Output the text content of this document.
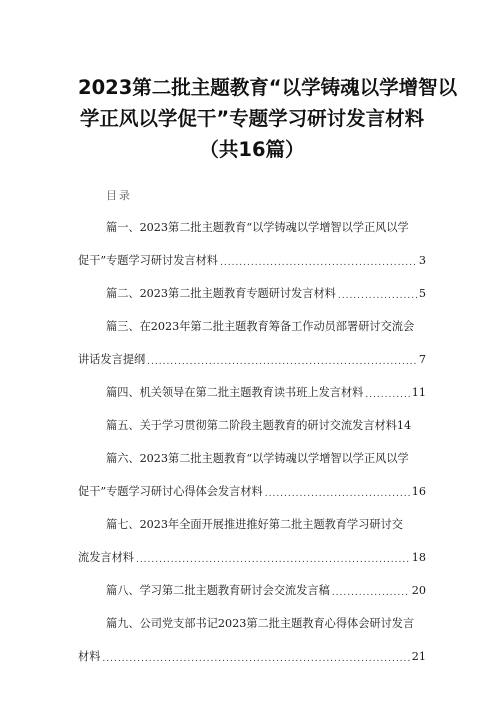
2023第二批主题教育“以学铸魂以学增智以
学正风以学促干”专题学习研讨发言材料
（共16篇）
目录
篇一、2023第二批主题教育“以学铸魂以学增智以学正风以学
促干”专题学习研讨发言材料 .....	3
篇二、2023第二批主题教育专题研讨发言材料 .....	5
篇三、在2023年第二批主题教育筹备工作动员部署研讨交流会
讲话发言提纲 .....	7
篇四、机关领导在第二批主题教育读书班上发言材料 .....	11
篇五、关于学习贯彻第二阶段主题教育的研讨交流发言材料14
篇六、2023第二批主题教育“以学铸魂以学增智以学正风以学
促干”专题学习研讨心得体会发言材料 .....	16
篇七、2023年全面开展推进推好第二批主题教育学习研讨交
流发言材料 .....	18
篇八、学习第二批主题教育研讨会交流发言稿 .....	20
篇九、公司党支部书记2023第二批主题教育心得体会研讨发言
材料 .....	21
